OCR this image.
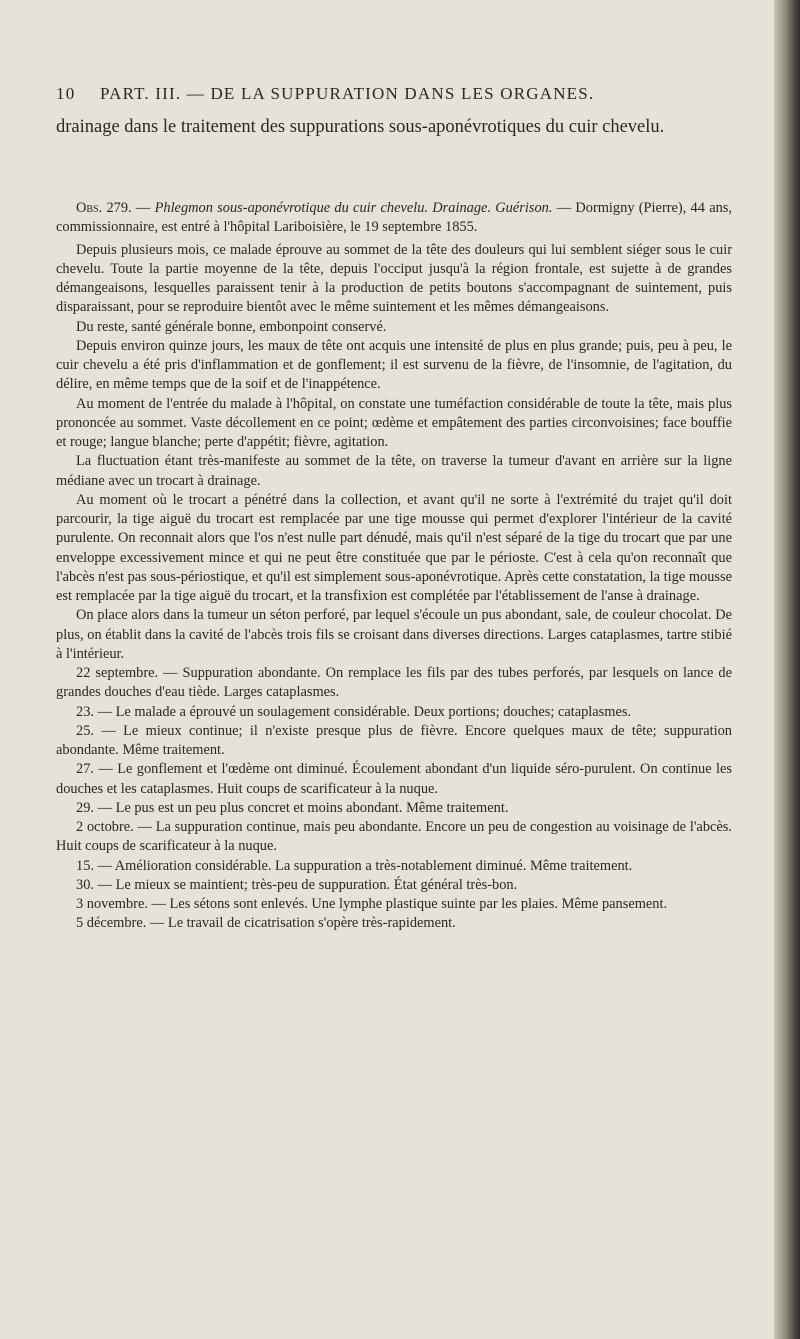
10 PART. III. — DE LA SUPPURATION DANS LES ORGANES.

drainage dans le traitement des suppurations sous-aponévrotiques du cuir chevelu.

Obs. 279. — Phlegmon sous-aponévrotique du cuir chevelu. Drainage. Guérison. — Dormigny (Pierre), 44 ans, commissionnaire, est entré à l'hôpital Lariboisière, le 19 septembre 1855.

Depuis plusieurs mois, ce malade éprouve au sommet de la tête des douleurs qui lui semblent siéger sous le cuir chevelu. Toute la partie moyenne de la tête, depuis l'occiput jusqu'à la région frontale, est sujette à de grandes démangeaisons, lesquelles paraissent tenir à la production de petits boutons s'accompagnant de suintement, puis disparaissant, pour se reproduire bientôt avec le même suintement et les mêmes démangeaisons.

Du reste, santé générale bonne, embonpoint conservé.

Depuis environ quinze jours, les maux de tête ont acquis une intensité de plus en plus grande; puis, peu à peu, le cuir chevelu a été pris d'inflammation et de gonflement; il est survenu de la fièvre, de l'insomnie, de l'agitation, du délire, en même temps que de la soif et de l'inappétence.

Au moment de l'entrée du malade à l'hôpital, on constate une tuméfaction considérable de toute la tête, mais plus prononcée au sommet. Vaste décollement en ce point; œdème et empâtement des parties circonvoisines; face bouffie et rouge; langue blanche; perte d'appétit; fièvre, agitation.

La fluctuation étant très-manifeste au sommet de la tête, on traverse la tumeur d'avant en arrière sur la ligne médiane avec un trocart à drainage.

Au moment où le trocart a pénétré dans la collection, et avant qu'il ne sorte à l'extrémité du trajet qu'il doit parcourir, la tige aiguë du trocart est remplacée par une tige mousse qui permet d'explorer l'intérieur de la cavité purulente. On reconnait alors que l'os n'est nulle part dénudé, mais qu'il n'est séparé de la tige du trocart que par une enveloppe excessivement mince et qui ne peut être constituée que par le périoste. C'est à cela qu'on reconnaît que l'abcès n'est pas sous-périostique, et qu'il est simplement sous-aponévrotique. Après cette constatation, la tige mousse est remplacée par la tige aiguë du trocart, et la transfixion est complétée par l'établissement de l'anse à drainage.

On place alors dans la tumeur un séton perforé, par lequel s'écoule un pus abondant, sale, de couleur chocolat. De plus, on établit dans la cavité de l'abcès trois fils se croisant dans diverses directions. Larges cataplasmes, tartre stibié à l'intérieur.

22 septembre. — Suppuration abondante. On remplace les fils par des tubes perforés, par lesquels on lance de grandes douches d'eau tiède. Larges cataplasmes.

23. — Le malade a éprouvé un soulagement considérable. Deux portions; douches; cataplasmes.

25. — Le mieux continue; il n'existe presque plus de fièvre. Encore quelques maux de tête; suppuration abondante. Même traitement.

27. — Le gonflement et l'œdème ont diminué. Écoulement abondant d'un liquide séro-purulent. On continue les douches et les cataplasmes. Huit coups de scarificateur à la nuque.

29. — Le pus est un peu plus concret et moins abondant. Même traitement.

2 octobre. — La suppuration continue, mais peu abondante. Encore un peu de congestion au voisinage de l'abcès. Huit coups de scarificateur à la nuque.

15. — Amélioration considérable. La suppuration a très-notablement diminué. Même traitement.

30. — Le mieux se maintient; très-peu de suppuration. État général très-bon.

3 novembre. — Les sétons sont enlevés. Une lymphe plastique suinte par les plaies. Même pansement.

5 décembre. — Le travail de cicatrisation s'opère très-rapidement.
